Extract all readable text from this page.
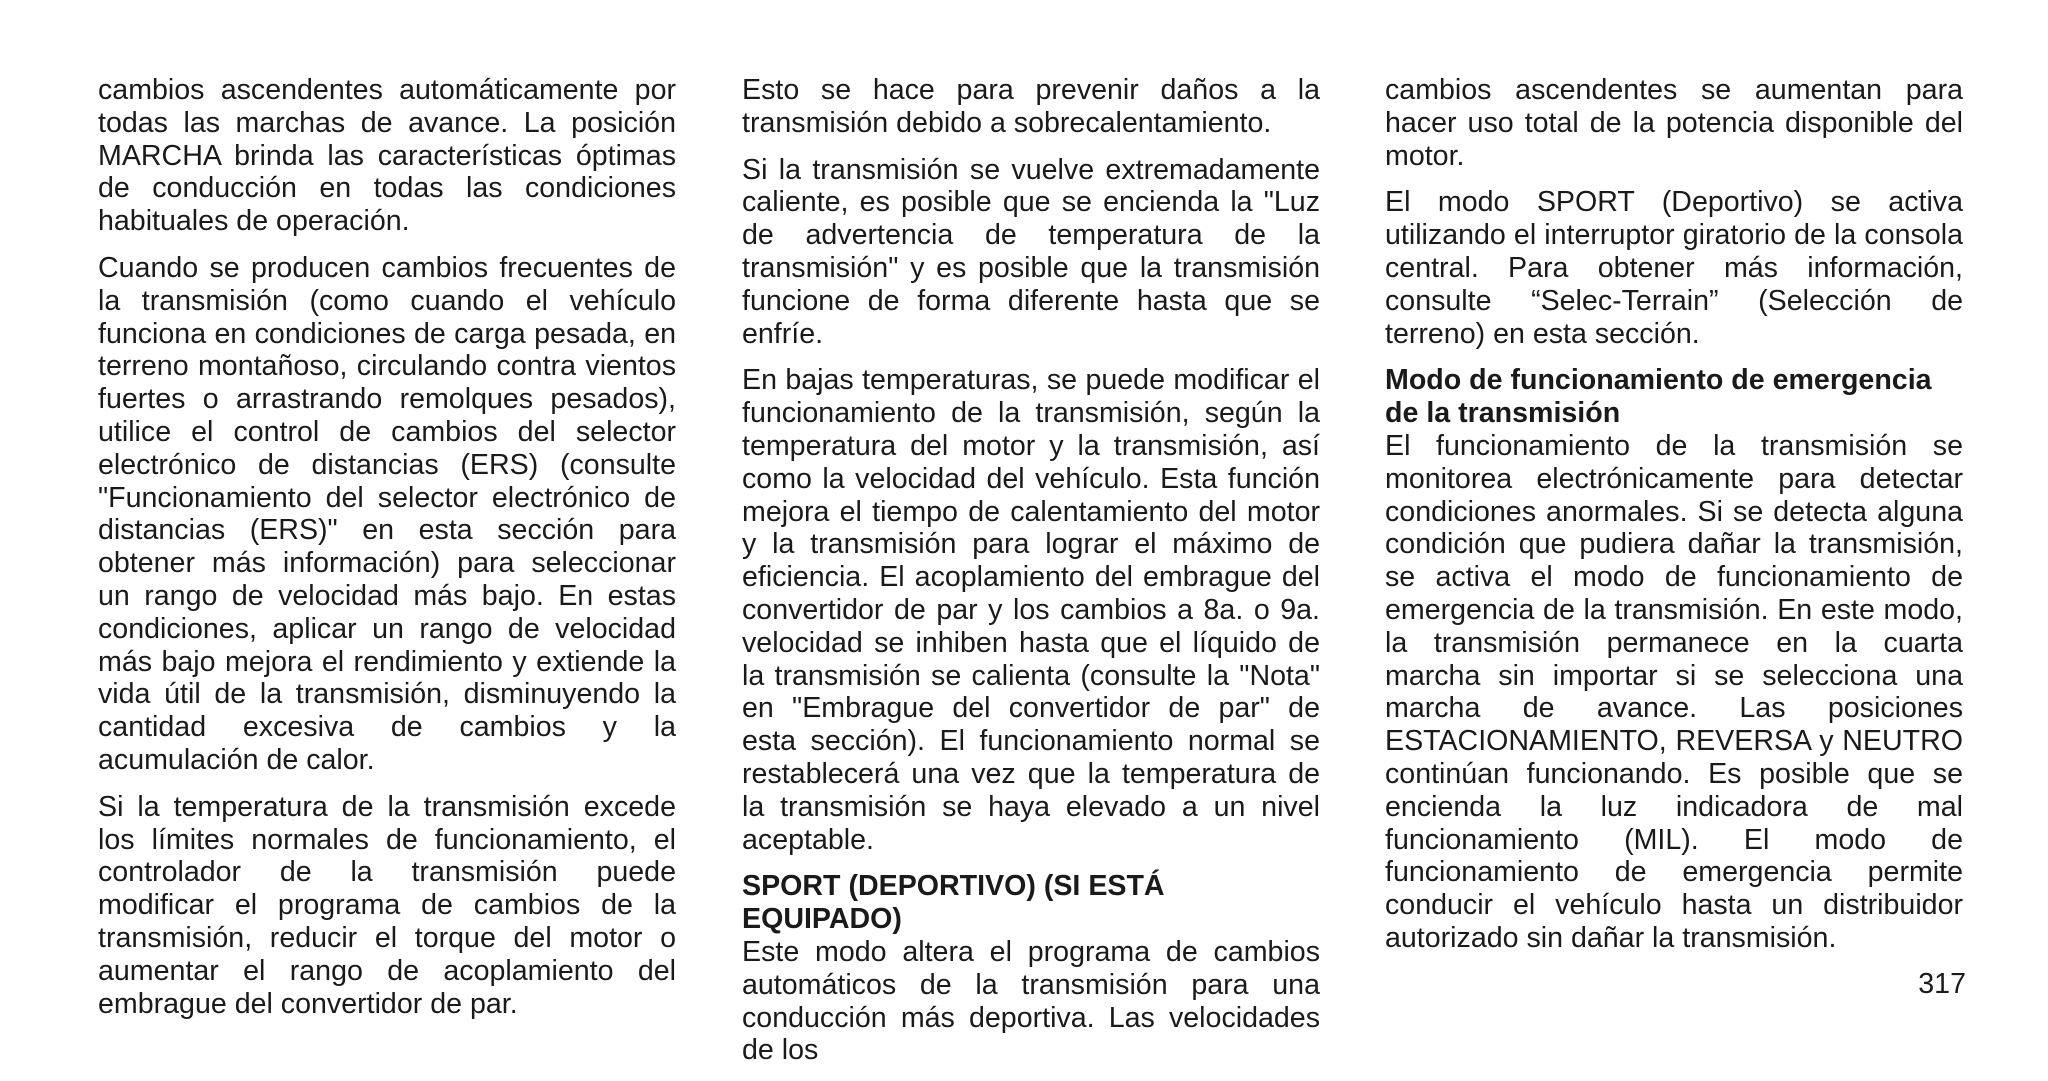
cambios ascendentes automáticamente por todas las marchas de avance. La posición MARCHA brinda las características óptimas de conducción en todas las condiciones habituales de operación.

Cuando se producen cambios frecuentes de la transmisión (como cuando el vehículo funciona en condiciones de carga pesada, en terreno montañoso, circulando contra vientos fuertes o arrastrando remolques pesados), utilice el control de cambios del selector electrónico de distancias (ERS) (consulte "Funcionamiento del selector electrónico de distancias (ERS)" en esta sección para obtener más información) para seleccionar un rango de velocidad más bajo. En estas condiciones, aplicar un rango de velocidad más bajo mejora el rendimiento y extiende la vida útil de la transmisión, disminuyendo la cantidad excesiva de cambios y la acumulación de calor.

Si la temperatura de la transmisión excede los límites normales de funcionamiento, el controlador de la transmisión puede modificar el programa de cambios de la transmisión, reducir el torque del motor o aumentar el rango de acoplamiento del embrague del convertidor de par.

Esto se hace para prevenir daños a la transmisión debido a sobrecalentamiento.

Si la transmisión se vuelve extremadamente caliente, es posible que se encienda la "Luz de advertencia de temperatura de la transmisión" y es posible que la transmisión funcione de forma diferente hasta que se enfríe.

En bajas temperaturas, se puede modificar el funcionamiento de la transmisión, según la temperatura del motor y la transmisión, así como la velocidad del vehículo. Esta función mejora el tiempo de calentamiento del motor y la transmisión para lograr el máximo de eficiencia. El acoplamiento del embrague del convertidor de par y los cambios a 8a. o 9a. velocidad se inhiben hasta que el líquido de la transmisión se calienta (consulte la "Nota" en "Embrague del convertidor de par" de esta sección). El funcionamiento normal se restablecerá una vez que la temperatura de la transmisión se haya elevado a un nivel aceptable.

SPORT (DEPORTIVO) (SI ESTÁ EQUIPADO)

Este modo altera el programa de cambios automáticos de la transmisión para una conducción más deportiva. Las velocidades de los

cambios ascendentes se aumentan para hacer uso total de la potencia disponible del motor.

El modo SPORT (Deportivo) se activa utilizando el interruptor giratorio de la consola central. Para obtener más información, consulte “Selec-Terrain” (Selección de terreno) en esta sección.

Modo de funcionamiento de emergencia de la transmisión

El funcionamiento de la transmisión se monitorea electrónicamente para detectar condiciones anormales. Si se detecta alguna condición que pudiera dañar la transmisión, se activa el modo de funcionamiento de emergencia de la transmisión. En este modo, la transmisión permanece en la cuarta marcha sin importar si se selecciona una marcha de avance. Las posiciones ESTACIONAMIENTO, REVERSA y NEUTRO continúan funcionando. Es posible que se encienda la luz indicadora de mal funcionamiento (MIL). El modo de funcionamiento de emergencia permite conducir el vehículo hasta un distribuidor autorizado sin dañar la transmisión.

317
